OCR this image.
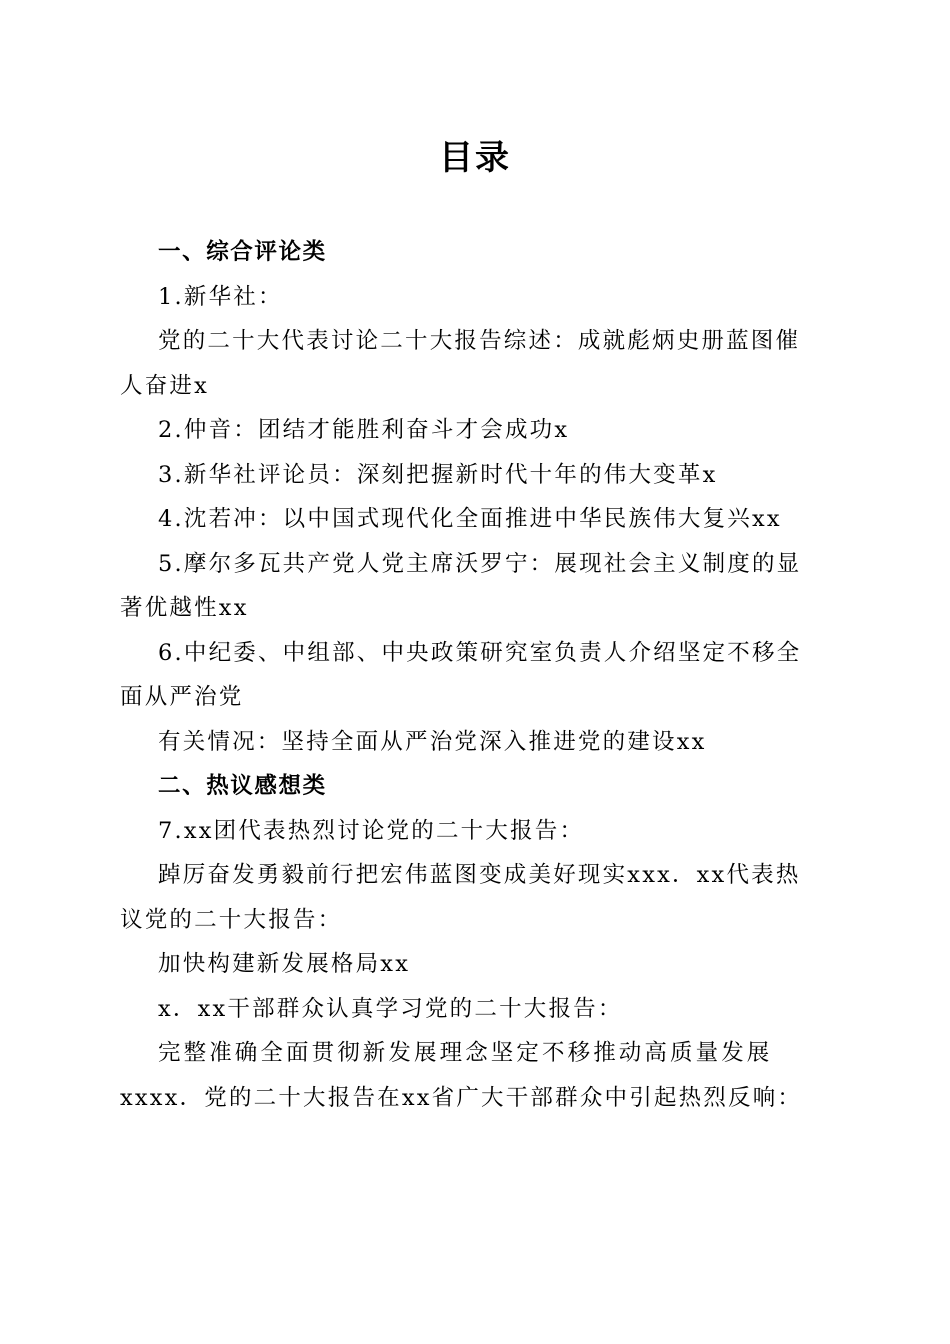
目录
一、综合评论类
1.新华社：
党的二十大代表讨论二十大报告综述：成就彪炳史册蓝图催
人奋进x
2.仲音：团结才能胜利奋斗才会成功x
3.新华社评论员：深刻把握新时代十年的伟大变革x
4.沈若冲：以中国式现代化全面推进中华民族伟大复兴xx
5.摩尔多瓦共产党人党主席沃罗宁：展现社会主义制度的显
著优越性xx
6.中纪委、中组部、中央政策研究室负责人介绍坚定不移全
面从严治党
有关情况：坚持全面从严治党深入推进党的建设xx
二、热议感想类
7.xx团代表热烈讨论党的二十大报告：
踔厉奋发勇毅前行把宏伟蓝图变成美好现实xxx．xx代表热
议党的二十大报告：
加快构建新发展格局xx
x．xx干部群众认真学习党的二十大报告：
完整准确全面贯彻新发展理念坚定不移推动高质量发展
xxxx．党的二十大报告在xx省广大干部群众中引起热烈反响：
